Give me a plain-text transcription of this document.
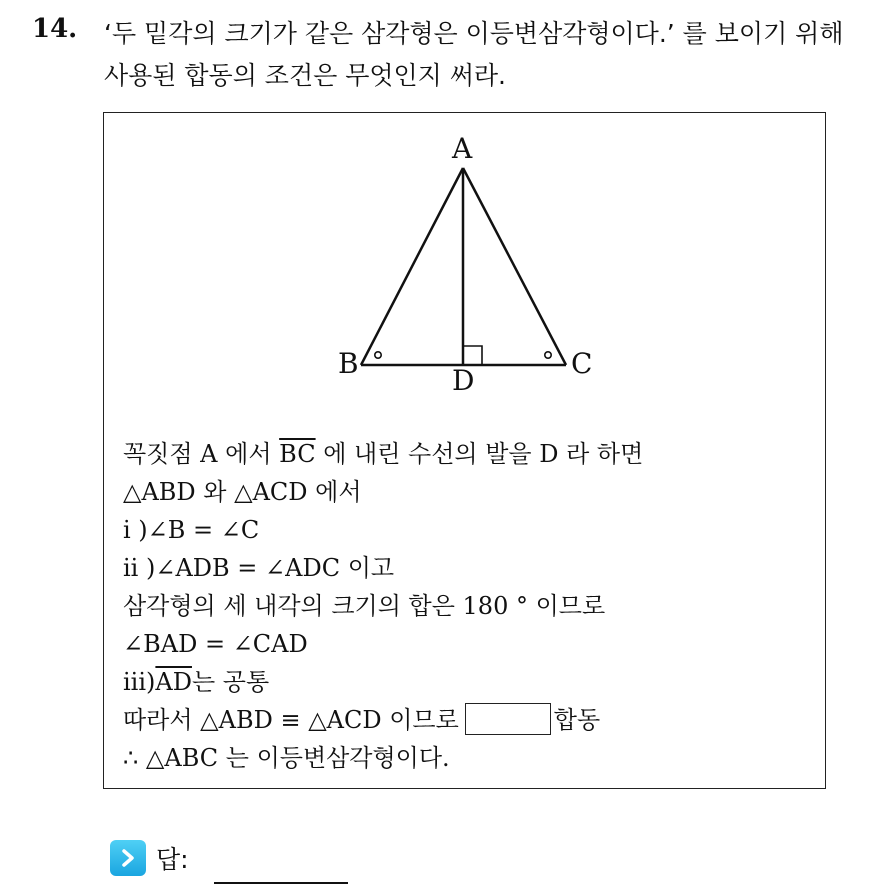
14. ‘두 밑각의 크기가 같은 삼각형은 이등변삼각형이다.’ 를 보이기 위해
사용된 합동의 조건은 무엇인지 써라.
A
B	C
D
꼭짓점 A 에서 $\overline{BC}$ 에 내린 수선의 발을 D 라 하면
△ABD 와 △ACD 에서
i )∠B = ∠C
ii )∠ADB = ∠ADC 이고
삼각형의 세 내각의 크기의 합은 180 ° 이므로
∠BAD = ∠CAD
$iii)\overline{AD}$는 공통
따라서 △ABD ≡ △ACD 이므로	합동
∴ △ABC 는 이등변삼각형이다.
답:
